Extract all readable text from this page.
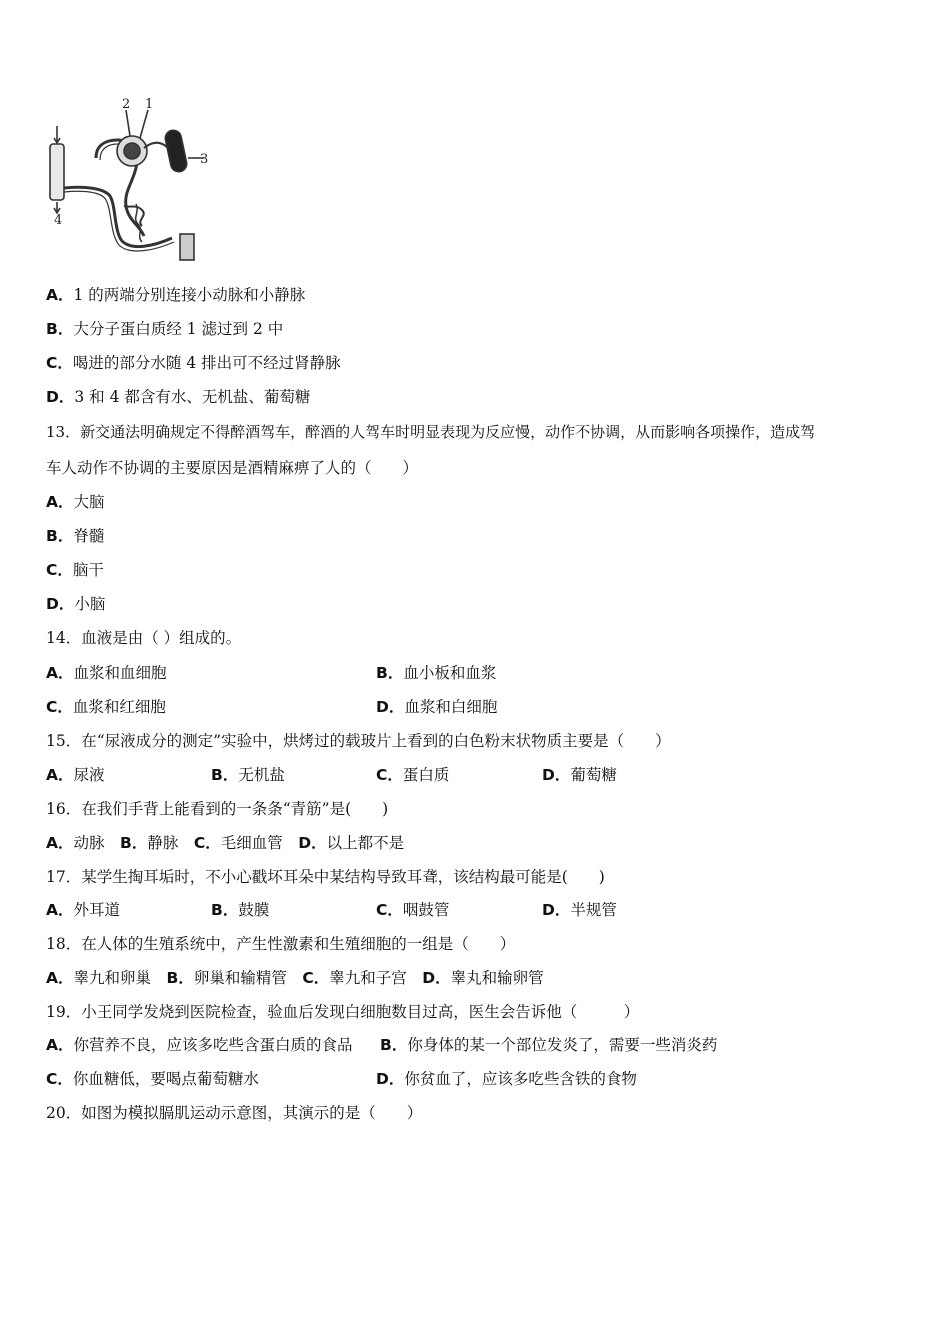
2 1
3
4
A．1 的两端分别连接小动脉和小静脉
B．大分子蛋白质经 1 滤过到 2 中
C．喝进的部分水随 4 排出可不经过肾静脉
D．3 和 4 都含有水、无机盐、葡萄糖
13．新交通法明确规定不得醉酒驾车，醉酒的人驾车时明显表现为反应慢，动作不协调，从而影响各项操作，造成驾
车人动作不协调的主要原因是酒精麻痹了人的（　　）
A．大脑
B．脊髓
C．脑干
D．小脑
14．血液是由（ ）组成的。
A．血浆和血细胞	B．血小板和血浆
C．血浆和红细胞	D．血浆和白细胞
15．在“尿液成分的测定”实验中，烘烤过的载玻片上看到的白色粉末状物质主要是（　　）
A．尿液	B．无机盐	C．蛋白质	D．葡萄糖
16．在我们手背上能看到的一条条“青筋”是(　　)
A．动脉　B．静脉　C．毛细血管　D．以上都不是
17．某学生掏耳垢时，不小心戳坏耳朵中某结构导致耳聋，该结构最可能是(　　)
A．外耳道	B．鼓膜	C．咽鼓管	D．半规管
18．在人体的生殖系统中，产生性激素和生殖细胞的一组是（　　）
A．睾九和卵巢　B．卵巢和输精管　C．睾九和子宫　D．睾丸和输卵管
19．小王同学发烧到医院检查，验血后发现白细胞数目过高，医生会告诉他（　　　）
A．你营养不良，应该多吃些含蛋白质的食品 B．你身体的某一个部位发炎了，需要一些消炎药
C．你血糖低，要喝点葡萄糖水	D．你贫血了，应该多吃些含铁的食物
20．如图为模拟膈肌运动示意图，其演示的是（　　）
